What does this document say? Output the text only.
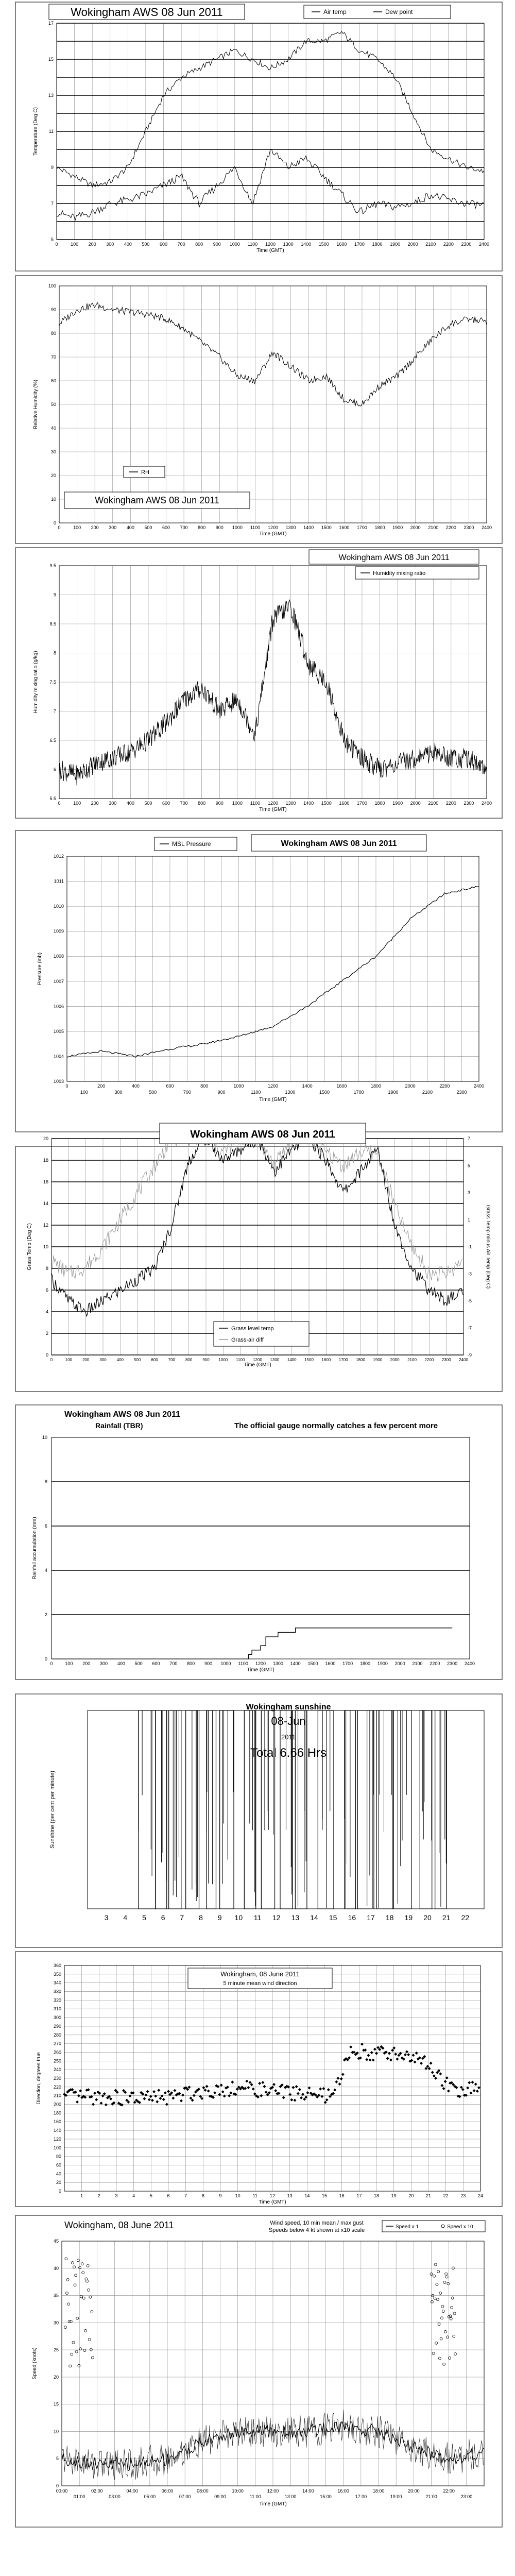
0	100 200 300 400 500 600 700 800 900 1000 1100 1200 1300 1400 1500 1600 1700 1800 1900 2000 2100 2200 2300 2400
5
7
9
11
13
15
17
Time (GMT)
Temperature (Deg C)
Wokingham AWS 08 Jun 2011	Air temp	Dew point
0	100 200 300 400 500 600 700 800 900 1000 1100 1200 1300 1400 1500 1600 1700 1800 1900 2000 2100 2200 2300 2400
0
10
20
30
40
50
60
70
80
90
100
Time (GMT)
Relative Humidity (%)
RH
Wokingham AWS 08 Jun 2011
0	100 200 300 400 500 600 700 800 900 1000 1100 1200 1300 1400 1500 1600 1700 1800 1900 2000 2100 2200 2300 2400
5.5
6
6.5
7
7.5
8
8.5
9
9.5
Time (GMT)
Humidity mixing ratio (g/kg)
Wokingham AWS 08 Jun 2011
Humidity mixing ratio
0
100
200
300
400
500
600
700
800
900
1000
1100
1200
1300
1400
1500
1600
1700
1800
1900
2000
2100
2200
2300
2400
1003
1004
1005
1006
1007
1008
1009
1010
1011
1012
Time (GMT)
Pressure (mb)
MSL Pressure	Wokingham AWS 08 Jun 2011
0	100 200 300 400 500 600 700 800 900 1000 1100 1200 1300 1400 1500 1600 1700 1800 1900 2000 2100 2200 2300 2400
0
2
4
6
8
10
12
14
16
18
20
-9
-7
-5
-3
-1
1
3
5
7
Time (GMT)
Grass Temp (Deg C)	Grass Temp minus Air Temp (Deg C)
Wokingham AWS 08 Jun 2011
Grass level temp
Grass-air diff
0	100 200 300 400 500 600 700 800 900 1000 1100 1200 1300 1400 1500 1600 1700 1800 1900 2000 2100 2200 2300 2400
0
2
4
6
8
10
Time (GMT)
Rainfall accumulation (mm)
Wokingham AWS 08 Jun 2011
Rainfall (TBR)	The official gauge normally catches a few percent more
3 4 5 6 7 8 9 10 11 12 13 14 15 16 17 18 19 20 21 22
Sunshine (per cent per minute)
Wokingham sunshine
08-Jun
2011
Total 6.66 Hrs
1	2	3	4	5	6	7	8	9	10	11	12	13	14	15	16	17	18	19	20	21	22	23	24
0
20
40
60
80
100
120
140
160
180
200
210
220
230
240
250
260
270
280
290
300
310
320
330
340
350
360
Time (GMT)
Direction, degrees true
Wokingham, 08 June 2011
5 minute mean wind direction
00:00
01:00
02:00
03:00
04:00
05:00
06:00
07:00
08:00
09:00
10:00
11:00
12:00
13:00
14:00
15:00
16:00
17:00
18:00
19:00
20:00
21:00
22:00
23:00
0
5
10
15
20
25
30
35
40
45
Time (GMT)
Speed (knots)
Wokingham, 08 June 2011	Wind speed, 10 min mean / max gust
Speeds below 4 kt shown at x10 scale
Speed x 1	Speed x 10
